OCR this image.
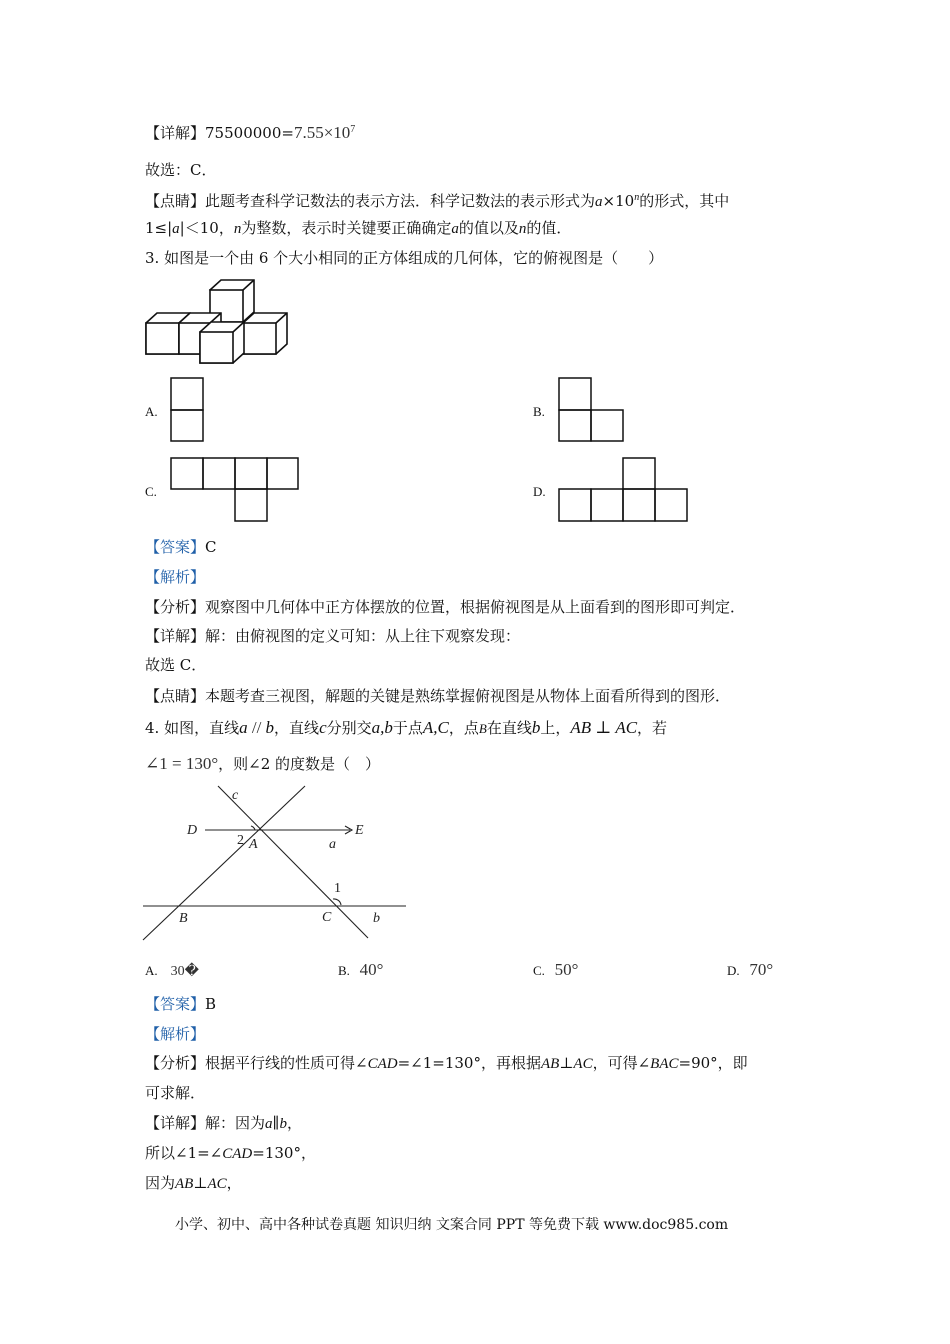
【详解】$75500000=7.55\times 10^7$
故选：C．
【点睛】此题考查科学记数法的表示方法．科学记数法的表示形式为$a\times 10^n$的形式，其中
1≤|a|＜10，n为整数，表示时关键要正确确定a的值以及n的值．
3. 如图是一个由 6 个大小相同的正方体组成的几何体，它的俯视图是（　　）
A.	B.
C.	D.
【答案】C
【解析】
【分析】观察图中几何体中正方体摆放的位置，根据俯视图是从上面看到的图形即可判定．
【详解】解：由俯视图的定义可知：从上往下观察发现：
故选 C．
【点睛】本题考查三视图，解题的关键是熟练掌握俯视图是从物体上面看所得到的图形．
4. 如图，直线a // b，直线c分别交a,b于点A,C，点B在直线b上，AB ⊥ AC，若
∠1 = 130°，则∠2 的度数是（　）
c
D	E
2 A	a
1
B	C	b
A. 30�	B. 40°	C. 50°	D. 70°
【答案】B
【解析】
【分析】根据平行线的性质可得∠CAD=∠1=130°，再根据AB⊥AC，可得∠BAC=90°，即
可求解．
【详解】解：因为a∥b，
所以∠1=∠CAD=130°，
因为AB⊥AC，
小学、初中、高中各种试卷真题 知识归纳 文案合同 PPT 等免费下载 www.doc985.com
